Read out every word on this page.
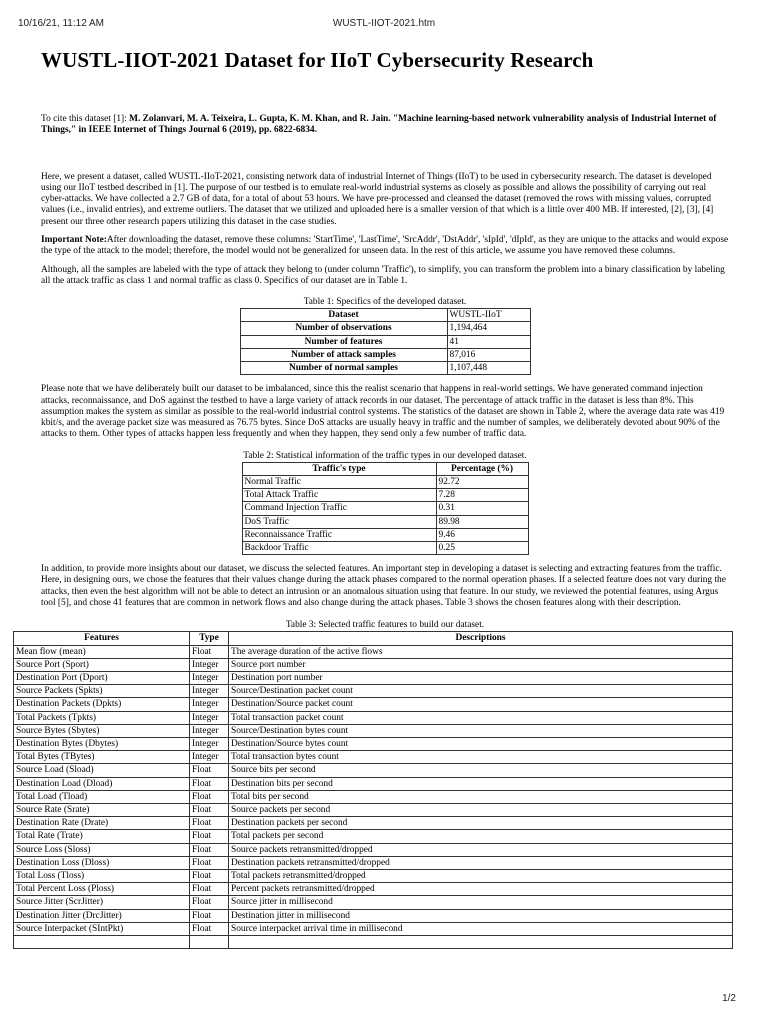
10/16/21, 11:12 AM	WUSTL-IIOT-2021.htm
WUSTL-IIOT-2021 Dataset for IIoT Cybersecurity Research

To cite this dataset [1]: M. Zolanvari, M. A. Teixeira, L. Gupta, K. M. Khan, and R. Jain. "Machine learning-based network vulnerability analysis of Industrial Internet of Things," in IEEE Internet of Things Journal 6 (2019), pp. 6822-6834.

Here, we present a dataset, called WUSTL-IIoT-2021, consisting network data of industrial Internet of Things (IIoT) to be used in cybersecurity research. The dataset is developed using our IIoT testbed described in [1]. The purpose of our testbed is to emulate real-world industrial systems as closely as possible and allows the possibility of carrying out real cyber-attacks. We have collected a 2.7 GB of data, for a total of about 53 hours. We have pre-processed and cleansed the dataset (removed the rows with missing values, corrupted values (i.e., invalid entries), and extreme outliers. The dataset that we utilized and uploaded here is a smaller version of that which is a little over 400 MB. If interested, [2], [3], [4] present our three other research papers utilizing this dataset in the case studies.

Important Note:After downloading the dataset, remove these columns: 'StartTime', 'LastTime', 'SrcAddr', 'DstAddr', 'sIpId', 'dIpId', as they are unique to the attacks and would expose the type of the attack to the model; therefore, the model would not be generalized for unseen data. In the rest of this article, we assume you have removed these columns.

Although, all the samples are labeled with the type of attack they belong to (under column 'Traffic'), to simplify, you can transform the problem into a binary classification by labeling all the attack traffic as class 1 and normal traffic as class 0. Specifics of our dataset are in Table 1.

Table 1: Specifics of the developed dataset.
Dataset	WUSTL-IIoT
Number of observations	1,194,464
Number of features	41
Number of attack samples	87,016
Number of normal samples	1,107,448

Please note that we have deliberately built our dataset to be imbalanced, since this the realist scenario that happens in real-world settings. We have generated command injection attacks, reconnaissance, and DoS against the testbed to have a large variety of attack records in our dataset. The percentage of attack traffic in the dataset is less than 8%. This assumption makes the system as similar as possible to the real-world industrial control systems. The statistics of the dataset are shown in Table 2, where the average data rate was 419 kbit/s, and the average packet size was measured as 76.75 bytes. Since DoS attacks are usually heavy in traffic and the number of samples, we deliberately devoted about 90% of the attacks to them. Other types of attacks happen less frequently and when they happen, they send only a few number of traffic data.

Table 2: Statistical information of the traffic types in our developed dataset.
Traffic's type	Percentage (%)
Normal Traffic	92.72
Total Attack Traffic	7.28
Command Injection Traffic	0.31
DoS Traffic	89.98
Reconnaissance Traffic	9.46
Backdoor Traffic	0.25

In addition, to provide more insights about our dataset, we discuss the selected features. An important step in developing a dataset is selecting and extracting features from the traffic. Here, in designing ours, we chose the features that their values change during the attack phases compared to the normal operation phases. If a selected feature does not vary during the attacks, then even the best algorithm will not be able to detect an intrusion or an anomalous situation using that feature. In our study, we reviewed the potential features, using Argus tool [5], and chose 41 features that are common in network flows and also change during the attack phases. Table 3 shows the chosen features along with their description.

Table 3: Selected traffic features to build our dataset.
Features	Type	Descriptions
Mean flow (mean)	Float	The average duration of the active flows
Source Port (Sport)	Integer	Source port number
Destination Port (Dport)	Integer	Destination port number
Source Packets (Spkts)	Integer	Source/Destination packet count
Destination Packets (Dpkts)	Integer	Destination/Source packet count
Total Packets (Tpkts)	Integer	Total transaction packet count
Source Bytes (Sbytes)	Integer	Source/Destination bytes count
Destination Bytes (Dbytes)	Integer	Destination/Source bytes count
Total Bytes (TBytes)	Integer	Total transaction bytes count
Source Load (Sload)	Float	Source bits per second
Destination Load (Dload)	Float	Destination bits per second
Total Load (Tload)	Float	Total bits per second
Source Rate (Srate)	Float	Source packets per second
Destination Rate (Drate)	Float	Destination packets per second
Total Rate (Trate)	Float	Total packets per second
Source Loss (Sloss)	Float	Source packets retransmitted/dropped
Destination Loss (Dloss)	Float	Destination packets retransmitted/dropped
Total Loss (Tloss)	Float	Total packets retransmitted/dropped
Total Percent Loss (Ploss)	Float	Percent packets retransmitted/dropped
Source Jitter (ScrJitter)	Float	Source jitter in millisecond
Destination Jitter (DrcJitter)	Float	Destination jitter in millisecond
Source Interpacket (SIntPkt)	Float	Source interpacket arrival time in millisecond

1/2
